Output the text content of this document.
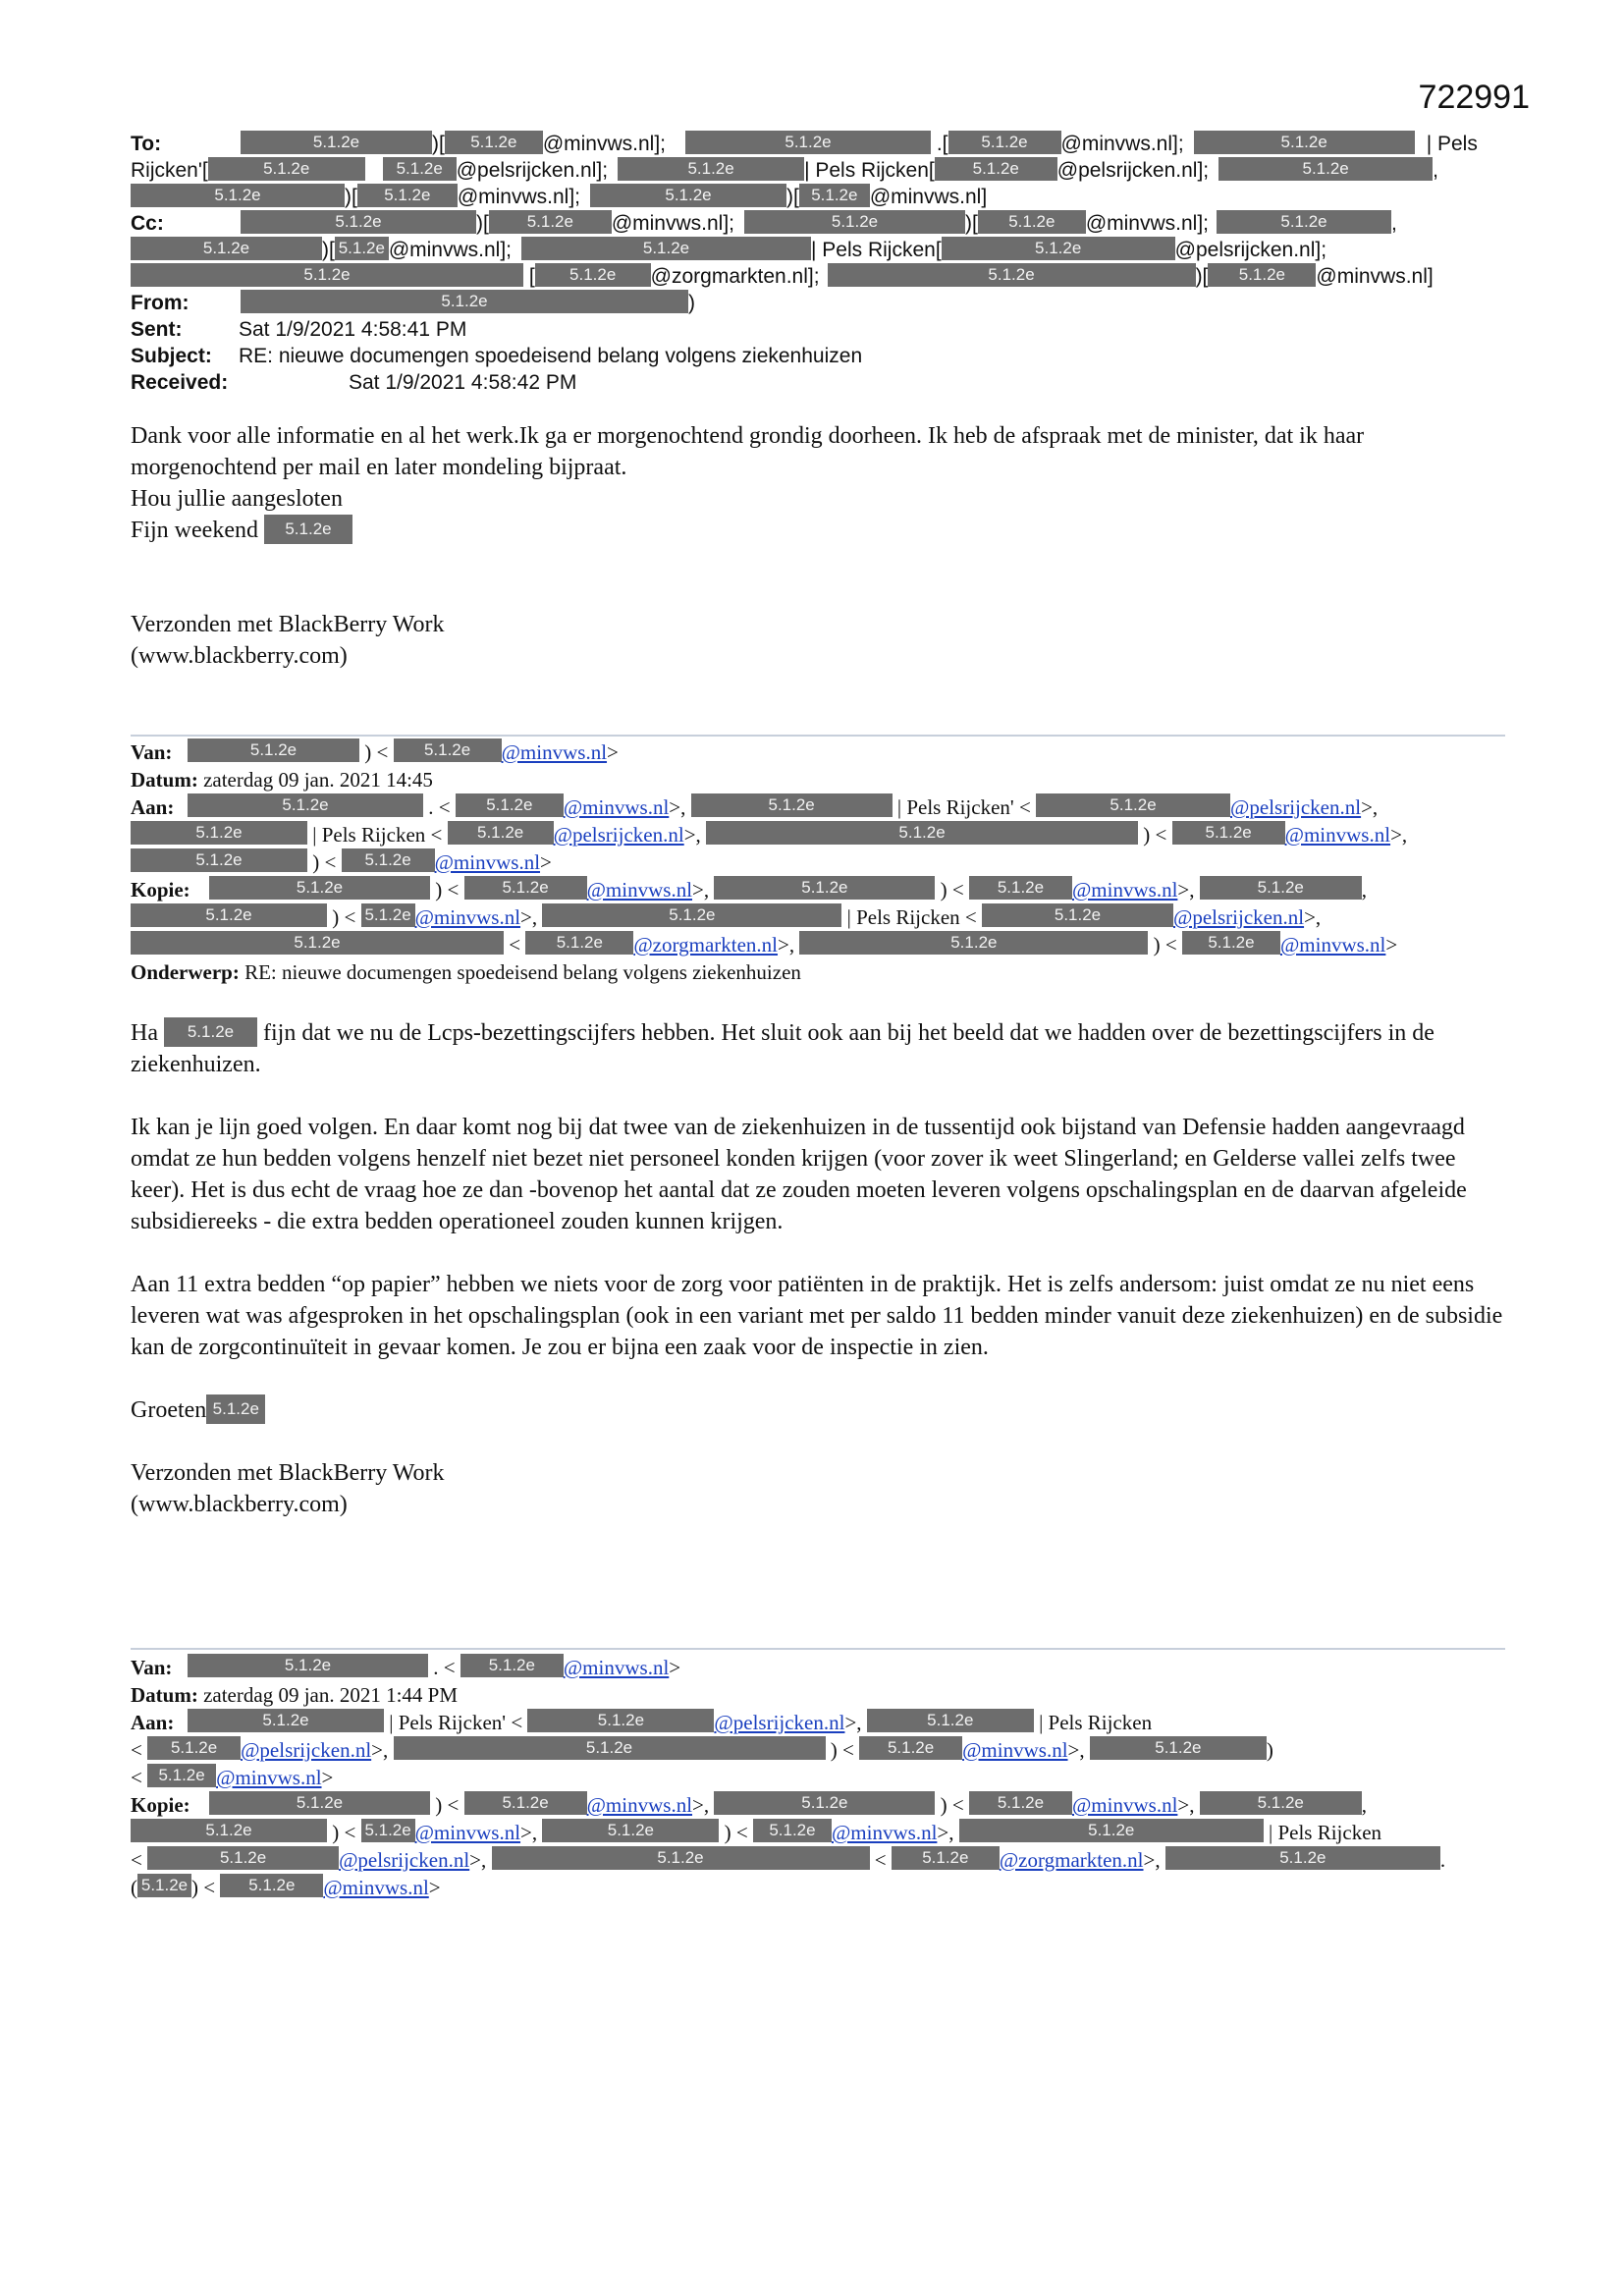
722991
To:	5.1.2e	)[ 5.1.2e @minvws.nl];	5.1.2e	.[ 5.1.2e @minvws.nl];	5.1.2e	| Pels
Rijcken'[	5.1.2e	5.1.2e @pelsrijcken.nl];	5.1.2e	| Pels Rijcken[ 5.1.2e @pelsrijcken.nl];	5.1.2e	,
5.1.2e	)[ 5.1.2e @minvws.nl];	5.1.2e	)[ 5.1.2e @minvws.nl]
Cc:	5.1.2e	)[ 5.1.2e @minvws.nl];	5.1.2e	)[ 5.1.2e @minvws.nl];	5.1.2e	,
5.1.2e	)[ 5.1.2e @minvws.nl];	5.1.2e	| Pels Rijcken[	5.1.2e	@pelsrijcken.nl];
5.1.2e	[ 5.1.2e @zorgmarkten.nl];	5.1.2e	)[ 5.1.2e @minvws.nl]
From:	5.1.2e	)
Sent:	Sat 1/9/2021 4:58:41 PM
Subject: RE: nieuwe documengen spoedeisend belang volgens ziekenhuizen
Received:	Sat 1/9/2021 4:58:42 PM

Dank voor alle informatie en al het werk.Ik ga er morgenochtend grondig doorheen. Ik heb de afspraak met de minister, dat ik haar morgenochtend per mail en later mondeling bijpraat.

Hou jullie aangesloten

Fijn weekend 5.1.2e

Verzonden met BlackBerry Work

(www.blackberry.com)

Van:	5.1.2e	) < 5.1.2e @minvws.nl>
Datum: zaterdag 09 jan. 2021 14:45
Aan:	5.1.2e	. < 5.1.2e @minvws.nl>,	5.1.2e	| Pels Rijcken' <	5.1.2e	@pelsrijcken.nl>,
5.1.2e	| Pels Rijcken < 5.1.2e @pelsrijcken.nl>,	5.1.2e	) < 5.1.2e @minvws.nl>,
5.1.2e	) < 5.1.2e @minvws.nl>
Kopie:	5.1.2e	) < 5.1.2e @minvws.nl>,	5.1.2e	) < 5.1.2e @minvws.nl>,	5.1.2e	,
5.1.2e	) < 5.1.2e @minvws.nl>,	5.1.2e	| Pels Rijcken <	5.1.2e	@pelsrijcken.nl>,
5.1.2e	< 5.1.2e @zorgmarkten.nl>,	5.1.2e	) < 5.1.2e @minvws.nl>
Onderwerp: RE: nieuwe documengen spoedeisend belang volgens ziekenhuizen

Ha 5.1.2e fijn dat we nu de Lcps-bezettingscijfers hebben. Het sluit ook aan bij het beeld dat we hadden over de bezettingscijfers in de ziekenhuizen.

Ik kan je lijn goed volgen. En daar komt nog bij dat twee van de ziekenhuizen in de tussentijd ook bijstand van Defensie hadden aangevraagd omdat ze hun bedden volgens henzelf niet bezet niet personeel konden krijgen (voor zover ik weet Slingerland; en Gelderse vallei zelfs twee keer). Het is dus echt de vraag hoe ze dan -bovenop het aantal dat ze zouden moeten leveren volgens opschalingsplan en de daarvan afgeleide subsidiereeks - die extra bedden operationeel zouden kunnen krijgen.

Aan 11 extra bedden “op papier” hebben we niets voor de zorg voor patiënten in de praktijk. Het is zelfs andersom: juist omdat ze nu niet eens leveren wat was afgesproken in het opschalingsplan (ook in een variant met per saldo 11 bedden minder vanuit deze ziekenhuizen) en de subsidie kan de zorgcontinuïteit in gevaar komen. Je zou er bijna een zaak voor de inspectie in zien.

Groeten 5.1.2e

Verzonden met BlackBerry Work

(www.blackberry.com)

Van:	5.1.2e	. < 5.1.2e @minvws.nl>
Datum: zaterdag 09 jan. 2021 1:44 PM
Aan:	5.1.2e	| Pels Rijcken' <	5.1.2e	@pelsrijcken.nl>,	5.1.2e	| Pels Rijcken
< 5.1.2e @pelsrijcken.nl>,	5.1.2e	) < 5.1.2e @minvws.nl>,	5.1.2e	)
< 5.1.2e @minvws.nl>
Kopie:	5.1.2e	) < 5.1.2e @minvws.nl>,	5.1.2e	) < 5.1.2e @minvws.nl>,	5.1.2e	,
5.1.2e	) < 5.1.2e @minvws.nl>,	5.1.2e	) < 5.1.2e @minvws.nl>,	5.1.2e	| Pels Rijcken
<	5.1.2e	@pelsrijcken.nl>,	5.1.2e	< 5.1.2e @zorgmarkten.nl>,	5.1.2e	.
( 5.1.2e ) < 5.1.2e @minvws.nl>
